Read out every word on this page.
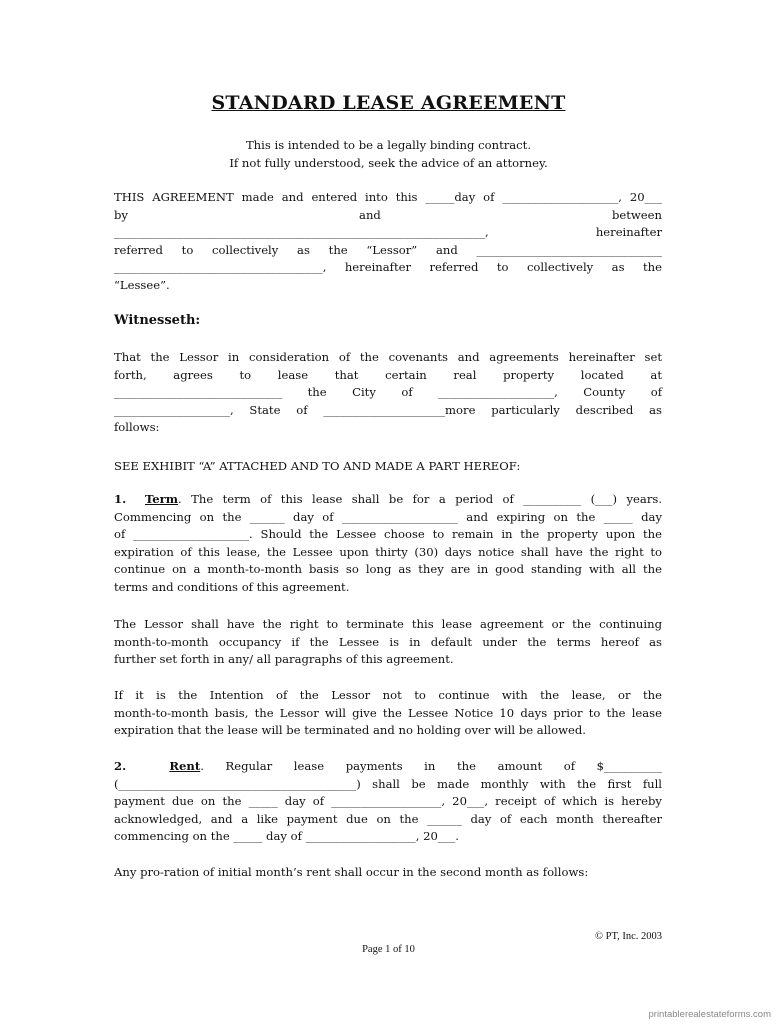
STANDARD LEASE AGREEMENT
This is intended to be a legally binding contract.
If not fully understood, seek the advice of an attorney.

THIS AGREEMENT made and entered into this _____day of ____________________, 20___

by and between

________________________________________________________________, hereinafter

referred to collectively as the “Lessor” and ________________________________

____________________________________, hereinafter referred to collectively as the

“Lessee”.

Witnesseth:

That the Lessor in consideration of the covenants and agreements hereinafter set

forth, agrees to lease that certain real property located at

_____________________________ the City of ____________________, County of

____________________, State of _____________________more particularly described as

follows:

SEE EXHIBIT “A” ATTACHED AND TO AND MADE A PART HEREOF:

1. Term. The term of this lease shall be for a period of __________ (___) years.

Commencing on the ______ day of ____________________ and expiring on the _____ day

of ____________________. Should the Lessee choose to remain in the property upon the

expiration of this lease, the Lessee upon thirty (30) days notice shall have the right to

continue on a month-to-month basis so long as they are in good standing with all the

terms and conditions of this agreement.

The Lessor shall have the right to terminate this lease agreement or the continuing

month-to-month occupancy if the Lessee is in default under the terms hereof as

further set forth in any/ all paragraphs of this agreement.

If it is the Intention of the Lessor not to continue with the lease, or the

month-to-month basis, the Lessor will give the Lessee Notice 10 days prior to the lease

expiration that the lease will be terminated and no holding over will be allowed.

2.	Rent. Regular lease payments in the amount of $__________

(_________________________________________) shall be made monthly with the first full

payment due on the _____ day of ___________________, 20___, receipt of which is hereby

acknowledged, and a like payment due on the ______ day of each month thereafter

commencing on the _____ day of ___________________, 20___.

Any pro-ration of initial month’s rent shall occur in the second month as follows:

© PT, Inc. 2003
Page 1 of 10
printablerealestateforms.com
